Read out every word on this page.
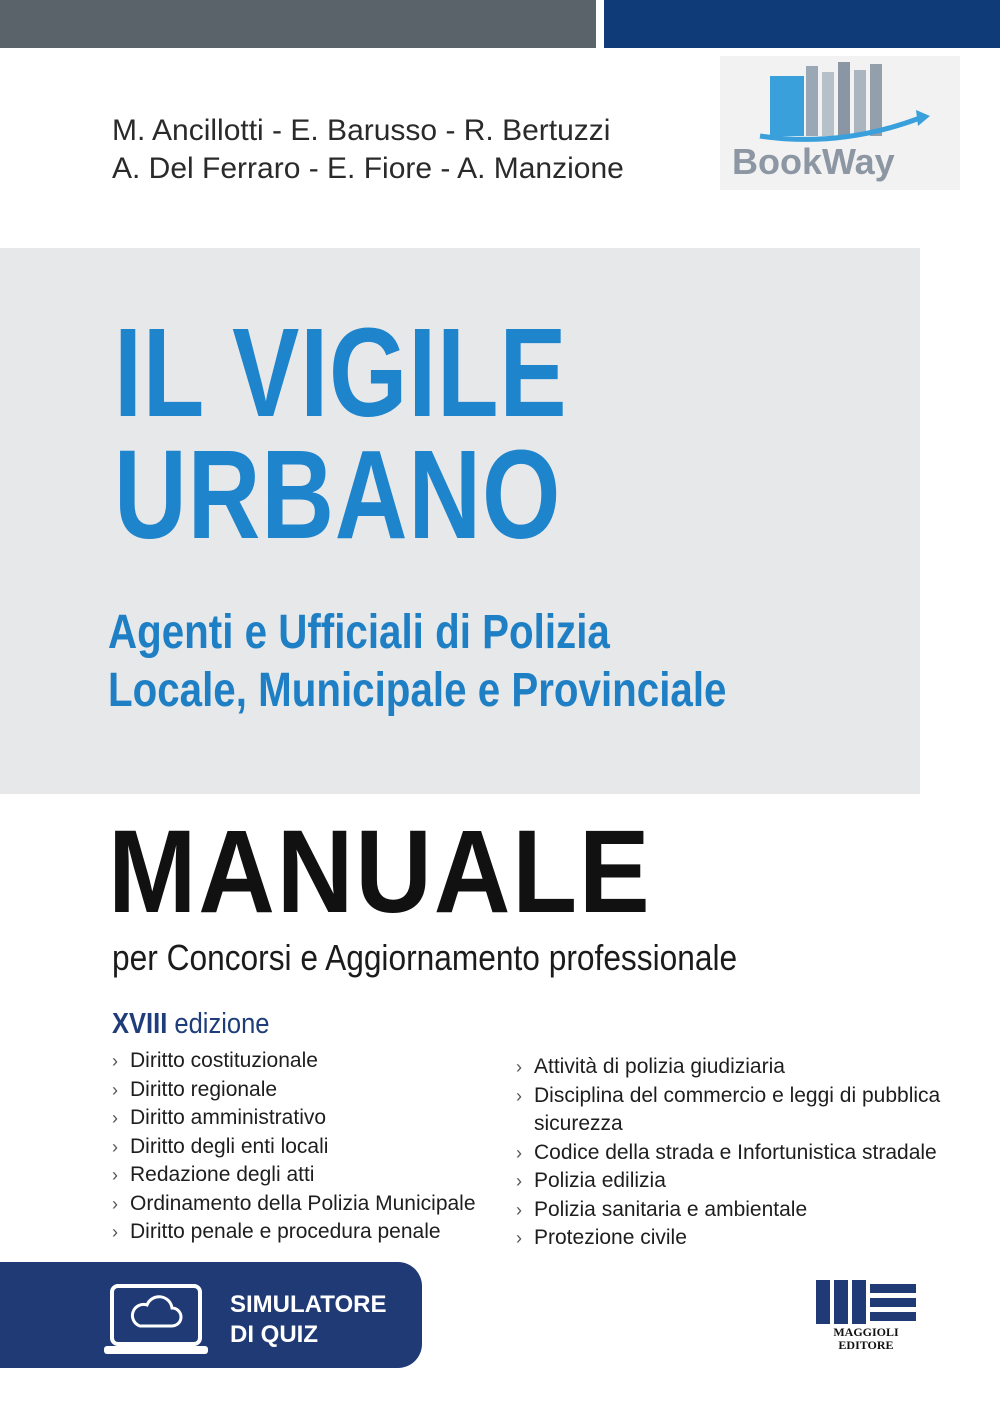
M. Ancillotti - E. Barusso - R. Bertuzzi
A. Del Ferraro - E. Fiore - A. Manzione	BookWay
IL VIGILE
URBANO
Agenti e Ufficiali di Polizia
Locale, Municipale e Provinciale
MANUALE
per Concorsi e Aggiornamento professionale
XVIII edizione
› Diritto costituzionale
› Diritto regionale
› Diritto amministrativo
› Diritto degli enti locali
› Redazione degli atti
› Ordinamento della Polizia Municipale
› Diritto penale e procedura penale
› Attività di polizia giudiziaria
› Disciplina del commercio e leggi di pubblica
sicurezza
› Codice della strada e Infortunistica stradale
› Polizia edilizia
› Polizia sanitaria e ambientale
› Protezione civile
SIMULATORE
DI QUIZ	MAGGIOLI
EDITORE
